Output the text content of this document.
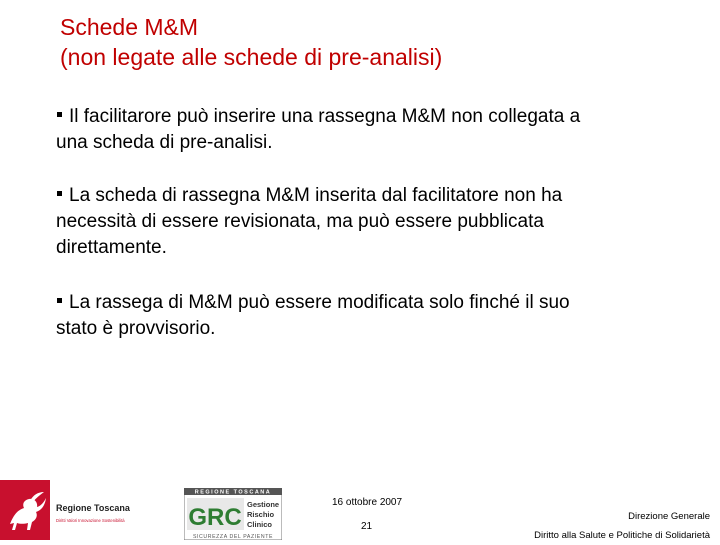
Schede M&M
(non legate alle schede di pre-analisi)
Il facilitarore può inserire una rassegna M&M non collegata a
una scheda di pre-analisi.
La scheda di rassegna M&M inserita dal facilitatore non ha
necessità di essere revisionata, ma può essere pubblicata
direttamente.
La rassega di M&M può essere modificata solo finché il suo
stato è provvisorio.
Regione Toscana
Diritti Valori Innovazione Sostenibilità
REGIONE TOSCANA
GRC Gestione
Rischio
Clinico
SICUREZZA DEL PAZIENTE
16 ottobre 2007
21
Direzione Generale
Diritto alla Salute e Politiche di Solidarietà
